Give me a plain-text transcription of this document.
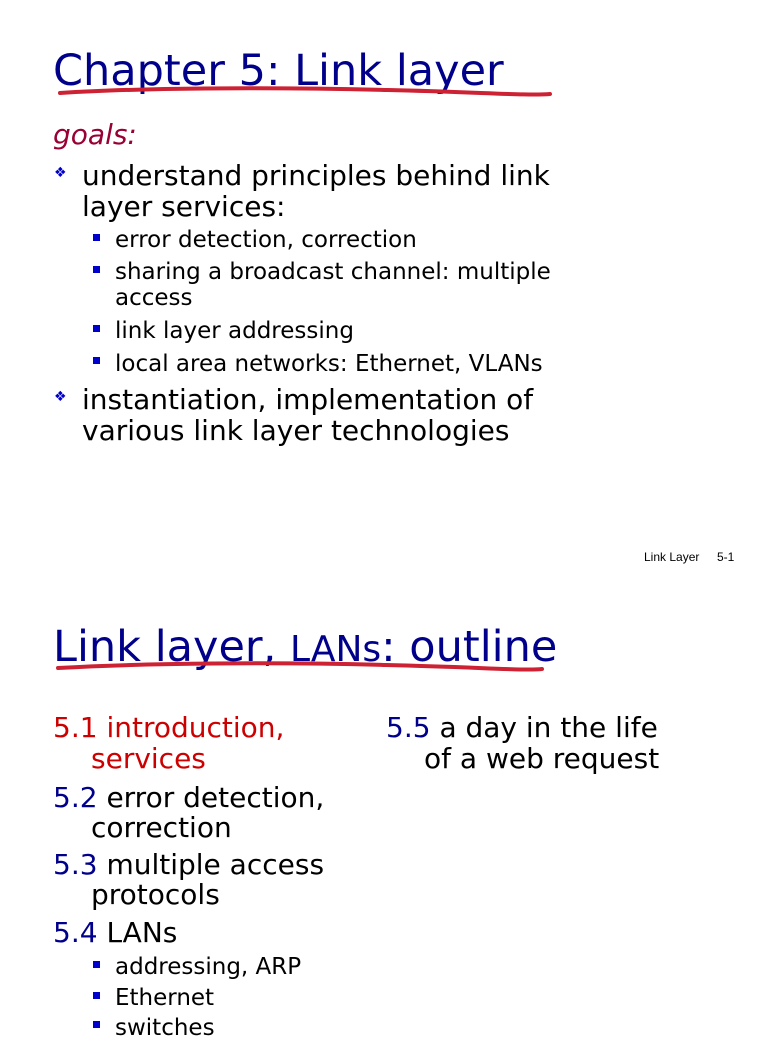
Chapter 5: Link layer
goals:
❖ understand principles behind link
layer services:
error detection, correction
sharing a broadcast channel: multiple
access
link layer addressing
local area networks: Ethernet, VLANs
❖ instantiation, implementation of
various link layer technologies
Link Layer 5-1
Link layer, LANs: outline
5.1 introduction,
services
5.2 error detection,
correction
5.3 multiple access
protocols
5.4 LANs
addressing, ARP
Ethernet
switches
5.5 a day in the life
of a web request
